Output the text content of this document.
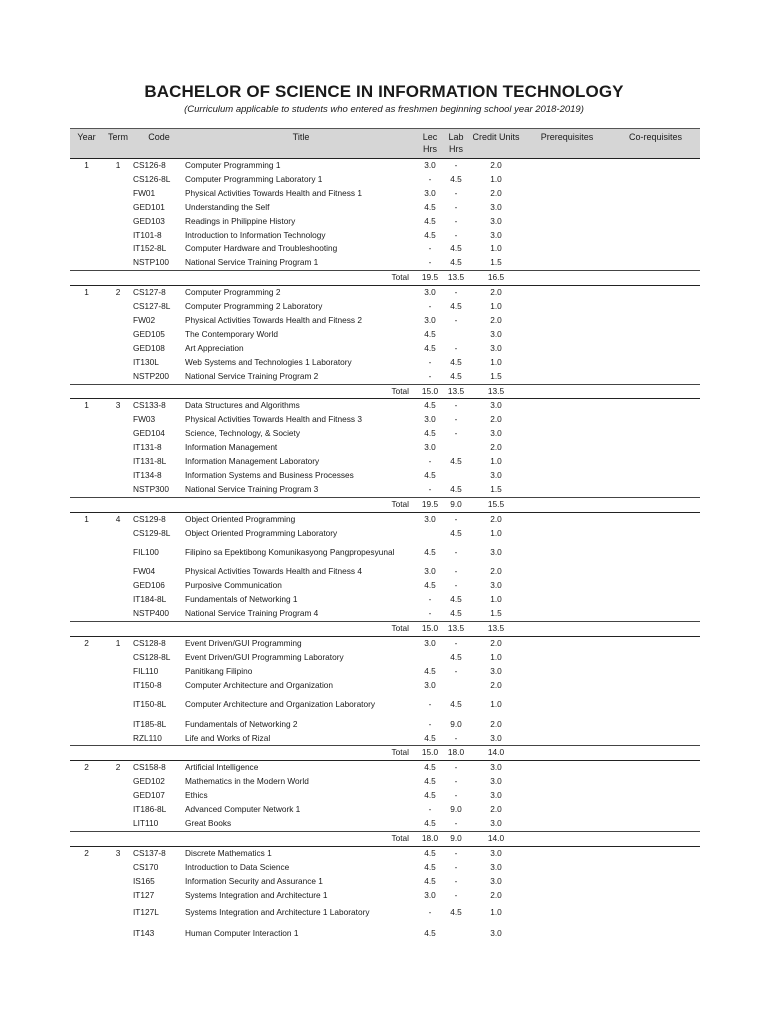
BACHELOR OF SCIENCE IN INFORMATION TECHNOLOGY
(Curriculum applicable to students who entered as freshmen beginning school year 2018-2019)
Year	Term	Code	Title	Lec Hrs	Lab Hrs	Credit Units	Prerequisites	Co-requisites
1	1	CS126-8	Computer Programming 1	3.0	-	2.0		
		CS126-8L	Computer Programming Laboratory 1	-	4.5	1.0		
		FW01	Physical Activities Towards Health and Fitness 1	3.0	-	2.0		
		GED101	Understanding the Self	4.5	-	3.0		
		GED103	Readings in Philippine History	4.5	-	3.0		
		IT101-8	Introduction to Information Technology	4.5	-	3.0		
		IT152-8L	Computer Hardware and Troubleshooting	-	4.5	1.0		
		NSTP100	National Service Training Program 1	-	4.5	1.5		
Total				19.5	13.5	16.5		
1	2	CS127-8	Computer Programming 2	3.0	-	2.0		
		CS127-8L	Computer Programming 2 Laboratory	-	4.5	1.0		
		FW02	Physical Activities Towards Health and Fitness 2	3.0	-	2.0		
		GED105	The Contemporary World	4.5		3.0		
		GED108	Art Appreciation	4.5	-	3.0		
		IT130L	Web Systems and Technologies 1 Laboratory	-	4.5	1.0		
		NSTP200	National Service Training Program 2	-	4.5	1.5		
Total				15.0	13.5	13.5		
1	3	CS133-8	Data Structures and Algorithms	4.5	-	3.0		
		FW03	Physical Activities Towards Health and Fitness 3	3.0	-	2.0		
		GED104	Science, Technology, & Society	4.5	-	3.0		
		IT131-8	Information Management	3.0		2.0		
		IT131-8L	Information Management Laboratory	-	4.5	1.0		
		IT134-8	Information Systems and Business Processes	4.5		3.0		
		NSTP300	National Service Training Program 3	-	4.5	1.5		
Total				19.5	9.0	15.5		
1	4	CS129-8	Object Oriented Programming	3.0	-	2.0		
		CS129-8L	Object Oriented Programming Laboratory		4.5	1.0		
		FIL100	Filipino sa Epektibong Komunikasyong Pangpropesyunal	4.5	-	3.0		
		FW04	Physical Activities Towards Health and Fitness 4	3.0	-	2.0		
		GED106	Purposive Communication	4.5	-	3.0		
		IT184-8L	Fundamentals of Networking 1	-	4.5	1.0		
		NSTP400	National Service Training Program 4	-	4.5	1.5		
Total				15.0	13.5	13.5		
2	1	CS128-8	Event Driven/GUI Programming	3.0	-	2.0		
		CS128-8L	Event Driven/GUI Programming Laboratory		4.5	1.0		
		FIL110	Panitikang Filipino	4.5	-	3.0		
		IT150-8	Computer Architecture and Organization	3.0		2.0		
		IT150-8L	Computer Architecture and Organization Laboratory	-	4.5	1.0		
		IT185-8L	Fundamentals of Networking 2	-	9.0	2.0		
		RZL110	Life and Works of Rizal	4.5	-	3.0		
Total				15.0	18.0	14.0		
2	2	CS158-8	Artificial Intelligence	4.5	-	3.0		
		GED102	Mathematics in the Modern World	4.5	-	3.0		
		GED107	Ethics	4.5	-	3.0		
		IT186-8L	Advanced Computer Network 1	-	9.0	2.0		
		LIT110	Great Books	4.5	-	3.0		
Total				18.0	9.0	14.0		
2	3	CS137-8	Discrete Mathematics 1	4.5	-	3.0		
		CS170	Introduction to Data Science	4.5	-	3.0		
		IS165	Information Security and Assurance 1	4.5	-	3.0		
		IT127	Systems Integration and Architecture 1	3.0	-	2.0		
		IT127L	Systems Integration and Architecture 1 Laboratory	-	4.5	1.0		
		IT143	Human Computer Interaction 1	4.5		3.0		
